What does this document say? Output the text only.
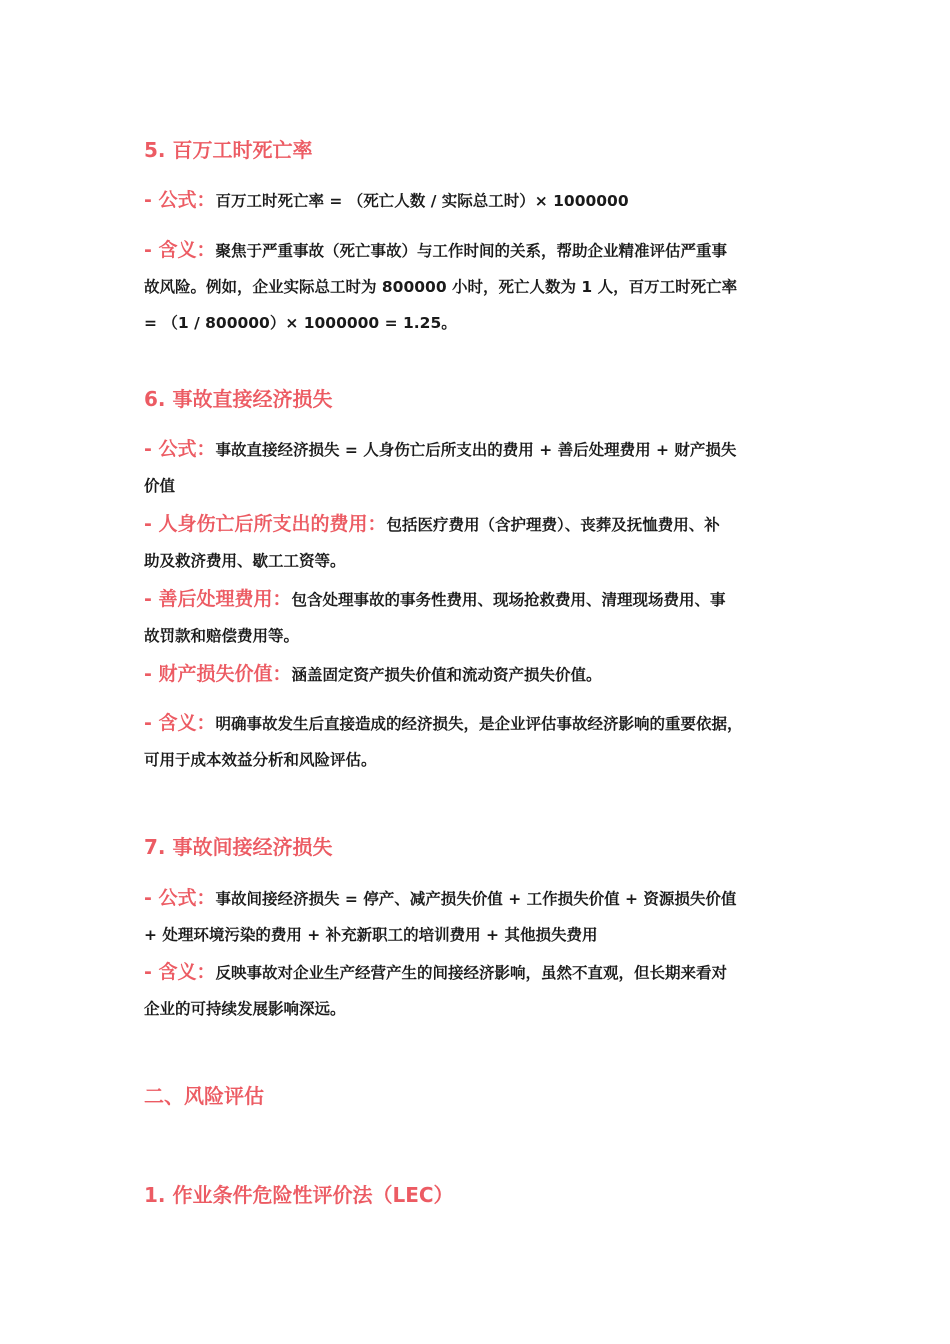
5. 百万工时死亡率
- 公式：百万工时死亡率 = （死亡人数 / 实际总工时）× 1000000
- 含义：聚焦于严重事故（死亡事故）与工作时间的关系，帮助企业精准评估严重事
故风险。例如，企业实际总工时为 800000 小时，死亡人数为 1 人，百万工时死亡率
= （1 / 800000）× 1000000 = 1.25。
6. 事故直接经济损失
- 公式：事故直接经济损失 = 人身伤亡后所支出的费用 + 善后处理费用 + 财产损失
价值
- 人身伤亡后所支出的费用：包括医疗费用（含护理费）、丧葬及抚恤费用、补
助及救济费用、歇工工资等。
- 善后处理费用：包含处理事故的事务性费用、现场抢救费用、清理现场费用、事
故罚款和赔偿费用等。
- 财产损失价值：涵盖固定资产损失价值和流动资产损失价值。
- 含义：明确事故发生后直接造成的经济损失，是企业评估事故经济影响的重要依据，
可用于成本效益分析和风险评估。
7. 事故间接经济损失
- 公式：事故间接经济损失 = 停产、减产损失价值 + 工作损失价值 + 资源损失价值
+ 处理环境污染的费用 + 补充新职工的培训费用 + 其他损失费用
- 含义：反映事故对企业生产经营产生的间接经济影响，虽然不直观，但长期来看对
企业的可持续发展影响深远。
二、风险评估
1. 作业条件危险性评价法（LEC）
